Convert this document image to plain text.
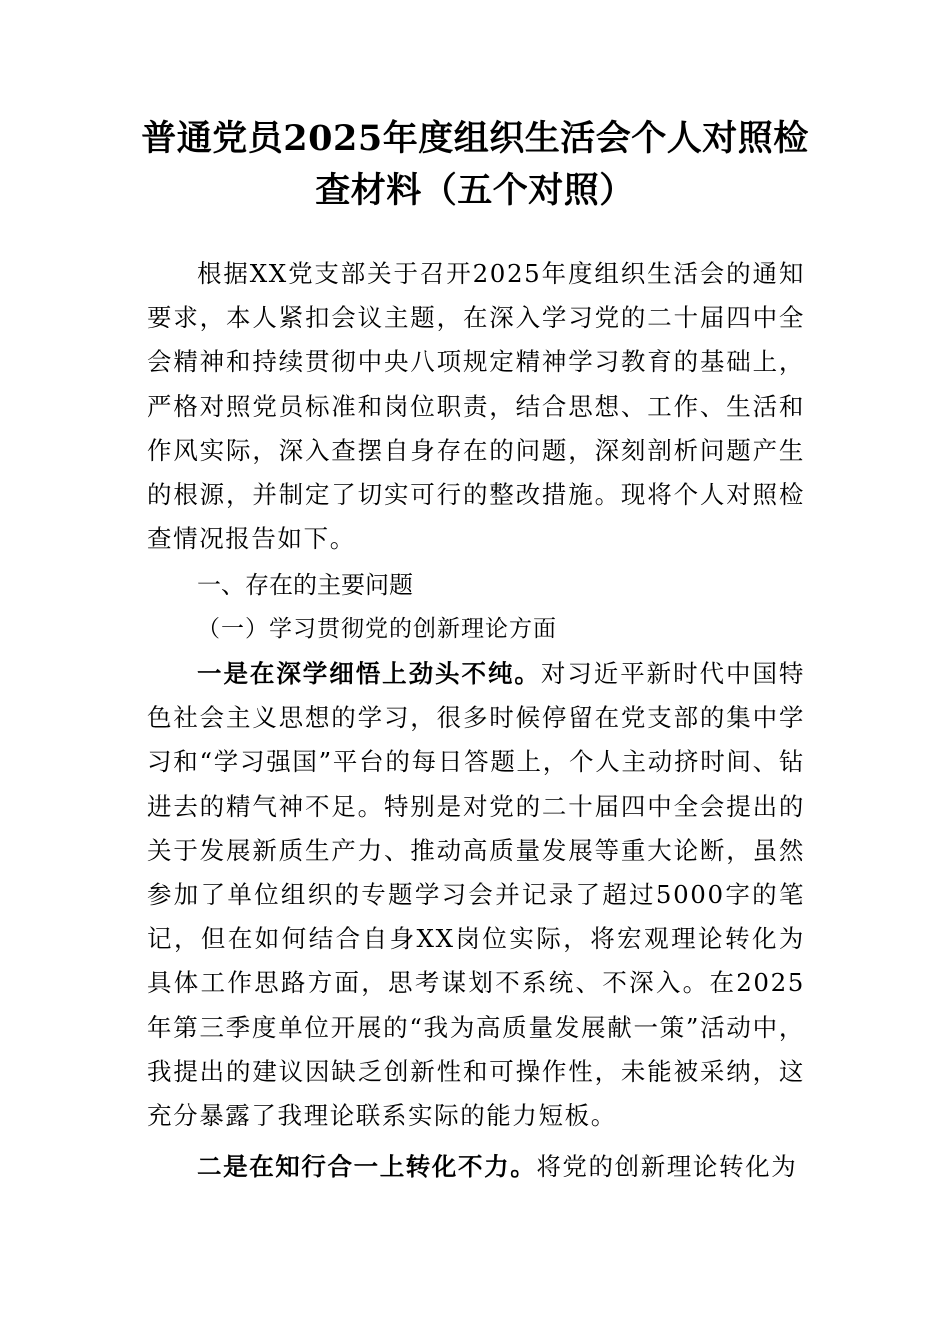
普通党员2025年度组织生活会个人对照检查材料（五个对照）

根据XX党支部关于召开2025年度组织生活会的通知要求，本人紧扣会议主题，在深入学习党的二十届四中全会精神和持续贯彻中央八项规定精神学习教育的基础上，严格对照党员标准和岗位职责，结合思想、工作、生活和作风实际，深入查摆自身存在的问题，深刻剖析问题产生的根源，并制定了切实可行的整改措施。现将个人对照检查情况报告如下。

一、存在的主要问题

（一）学习贯彻党的创新理论方面

一是在深学细悟上劲头不纯。对习近平新时代中国特色社会主义思想的学习，很多时候停留在党支部的集中学习和“学习强国”平台的每日答题上，个人主动挤时间、钻进去的精气神不足。特别是对党的二十届四中全会提出的关于发展新质生产力、推动高质量发展等重大论断，虽然参加了单位组织的专题学习会并记录了超过5000字的笔记，但在如何结合自身XX岗位实际，将宏观理论转化为具体工作思路方面，思考谋划不系统、不深入。在2025年第三季度单位开展的“我为高质量发展献一策”活动中，我提出的建议因缺乏创新性和可操作性，未能被采纳，这充分暴露了我理论联系实际的能力短板。

二是在知行合一上转化不力。将党的创新理论转化为
